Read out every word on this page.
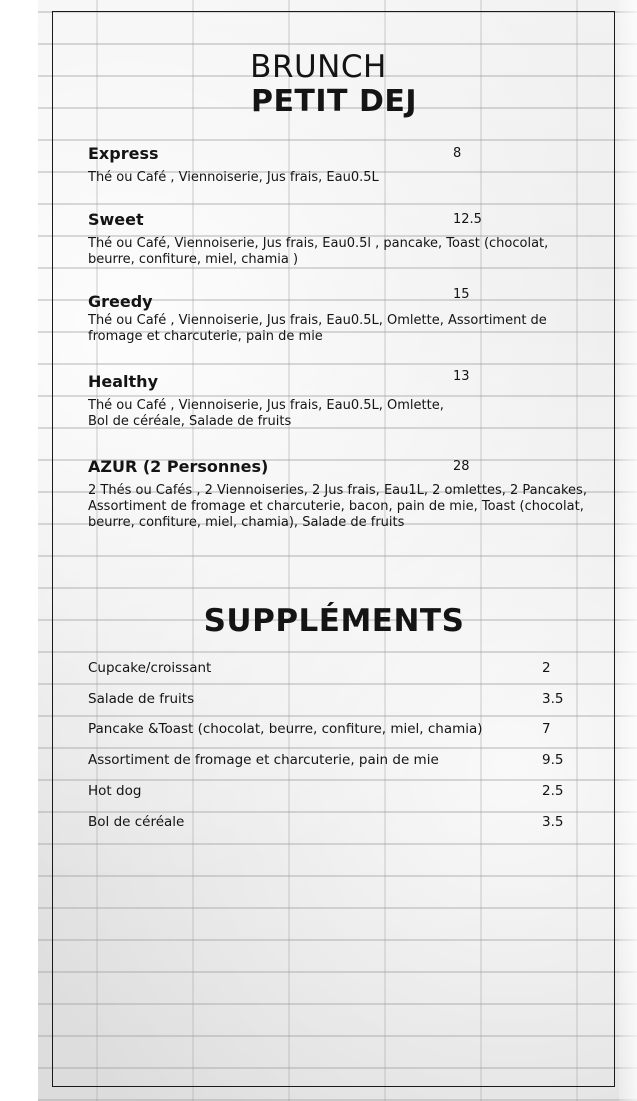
BRUNCH
PETIT DEJ
Express
Thé ou Café , Viennoiserie, Jus frais, Eau0.5L
8
Sweet
Thé ou Café, Viennoiserie, Jus frais, Eau0.5l , pancake, Toast (chocolat, beurre, confiture, miel, chamia )
12.5
Greedy
Thé ou Café , Viennoiserie, Jus frais, Eau0.5L, Omlette, Assortiment de fromage et charcuterie, pain de mie
15
Healthy
Thé ou Café , Viennoiserie, Jus frais, Eau0.5L, Omlette, Bol de céréale, Salade de fruits
13
AZUR (2 Personnes)
2 Thés ou Cafés , 2 Viennoiseries, 2 Jus frais, Eau1L, 2 omlettes, 2 Pancakes, Assortiment de fromage et charcuterie, bacon, pain de mie, Toast (chocolat, beurre, confiture, miel, chamia), Salade de fruits
28
SUPPLÉMENTS
Cupcake/croissant	2
Salade de fruits	3.5
Pancake &Toast (chocolat, beurre, confiture, miel, chamia)	7
Assortiment de fromage et charcuterie, pain de mie	9.5
Hot dog	2.5
Bol de céréale	3.5
